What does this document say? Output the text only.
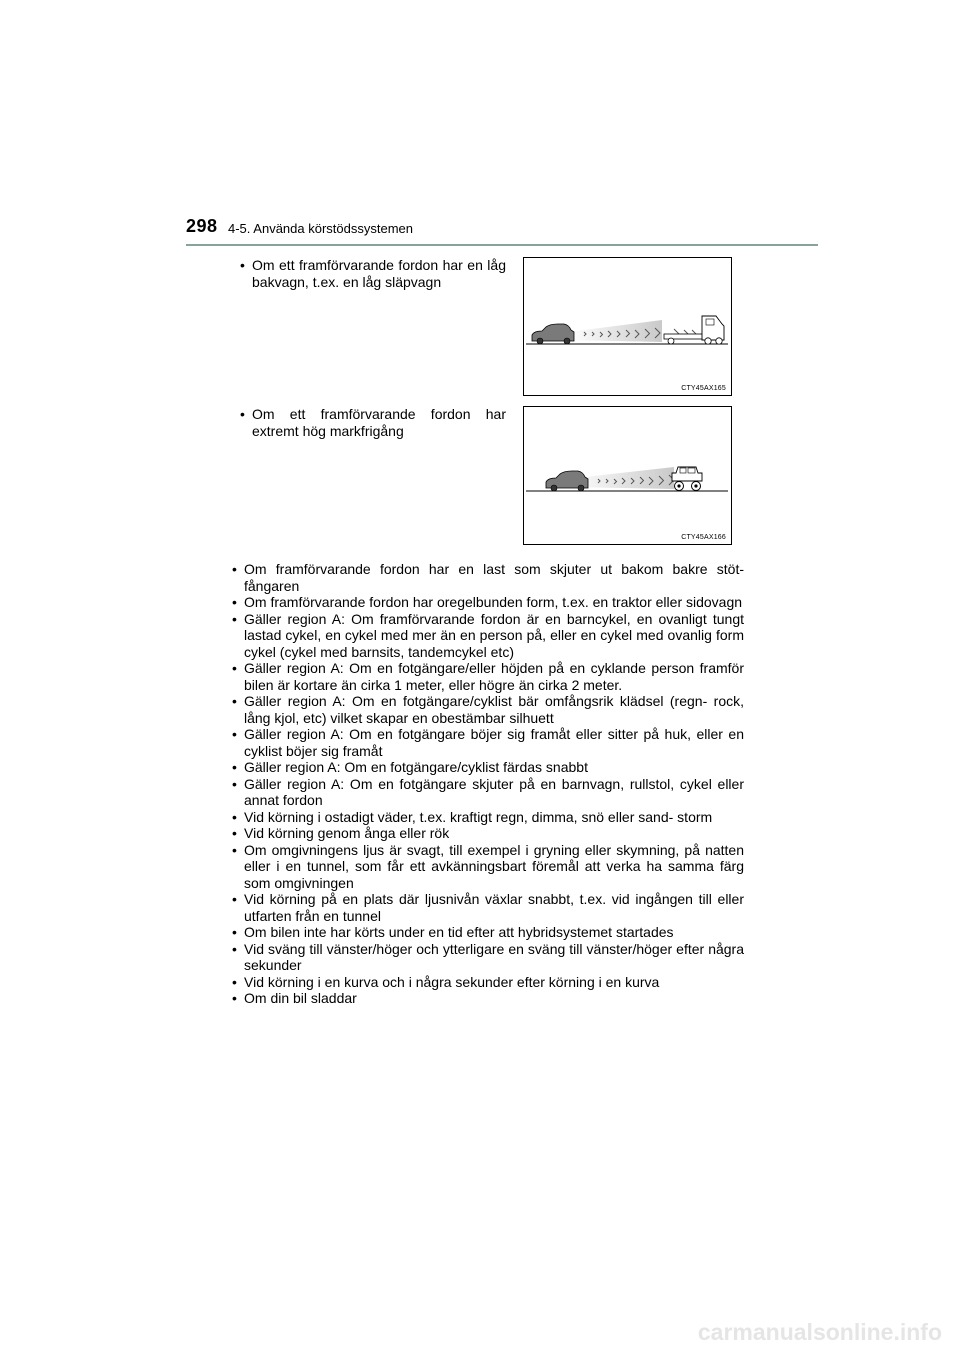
298 4-5. Använda körstödssystemen
• Om ett framförvarande fordon har en låg bakvagn, t.ex. en låg släpvagn
CTY45AX165
• Om ett framförvarande fordon har extremt hög markfrigång
CTY45AX166
• Om framförvarande fordon har en last som skjuter ut bakom bakre stöt- fångaren
• Om framförvarande fordon har oregelbunden form, t.ex. en traktor eller sidovagn
• Gäller region A: Om framförvarande fordon är en barncykel, en ovanligt tungt lastad cykel, en cykel med mer än en person på, eller en cykel med ovanlig form cykel (cykel med barnsits, tandemcykel etc)
• Gäller region A: Om en fotgängare/eller höjden på en cyklande person framför bilen är kortare än cirka 1 meter, eller högre än cirka 2 meter.
• Gäller region A: Om en fotgängare/cyklist bär omfångsrik klädsel (regn- rock, lång kjol, etc) vilket skapar en obestämbar silhuett
• Gäller region A: Om en fotgängare böjer sig framåt eller sitter på huk, eller en cyklist böjer sig framåt
• Gäller region A: Om en fotgängare/cyklist färdas snabbt
• Gäller region A: Om en fotgängare skjuter på en barnvagn, rullstol, cykel eller annat fordon
• Vid körning i ostadigt väder, t.ex. kraftigt regn, dimma, snö eller sand- storm
• Vid körning genom ånga eller rök
• Om omgivningens ljus är svagt, till exempel i gryning eller skymning, på natten eller i en tunnel, som får ett avkänningsbart föremål att verka ha samma färg som omgivningen
• Vid körning på en plats där ljusnivån växlar snabbt, t.ex. vid ingången till eller utfarten från en tunnel
• Om bilen inte har körts under en tid efter att hybridsystemet startades
• Vid sväng till vänster/höger och ytterligare en sväng till vänster/höger efter några sekunder
• Vid körning i en kurva och i några sekunder efter körning i en kurva
• Om din bil sladdar
carmanualsonline.info
